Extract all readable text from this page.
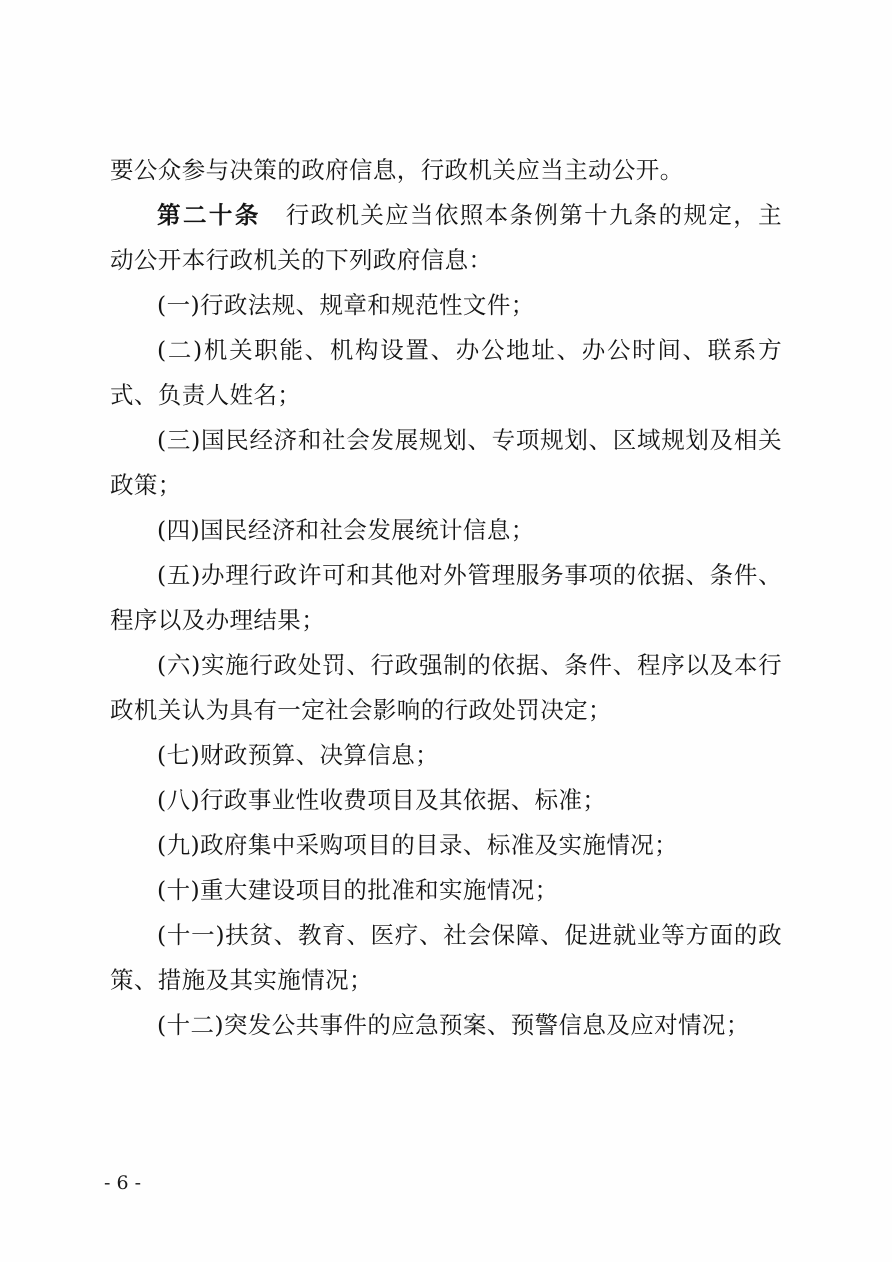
要公众参与决策的政府信息，行政机关应当主动公开。

第二十条　 行政机关应当依照本条例第十九条的规定，主动公开本行政机关的下列政府信息：

(一)行政法规、规章和规范性文件；

(二)机关职能、机构设置、办公地址、办公时间、联系方式、负责人姓名；

(三)国民经济和社会发展规划、专项规划、区域规划及相关政策；

(四)国民经济和社会发展统计信息；

(五)办理行政许可和其他对外管理服务事项的依据、条件、程序以及办理结果；

(六)实施行政处罚、行政强制的依据、条件、程序以及本行政机关认为具有一定社会影响的行政处罚决定；

(七)财政预算、决算信息；

(八)行政事业性收费项目及其依据、标准；

(九)政府集中采购项目的目录、标准及实施情况；

(十)重大建设项目的批准和实施情况；

(十一)扶贫、教育、医疗、社会保障、促进就业等方面的政策、措施及其实施情况；

(十二)突发公共事件的应急预案、预警信息及应对情况；

- 6 -
